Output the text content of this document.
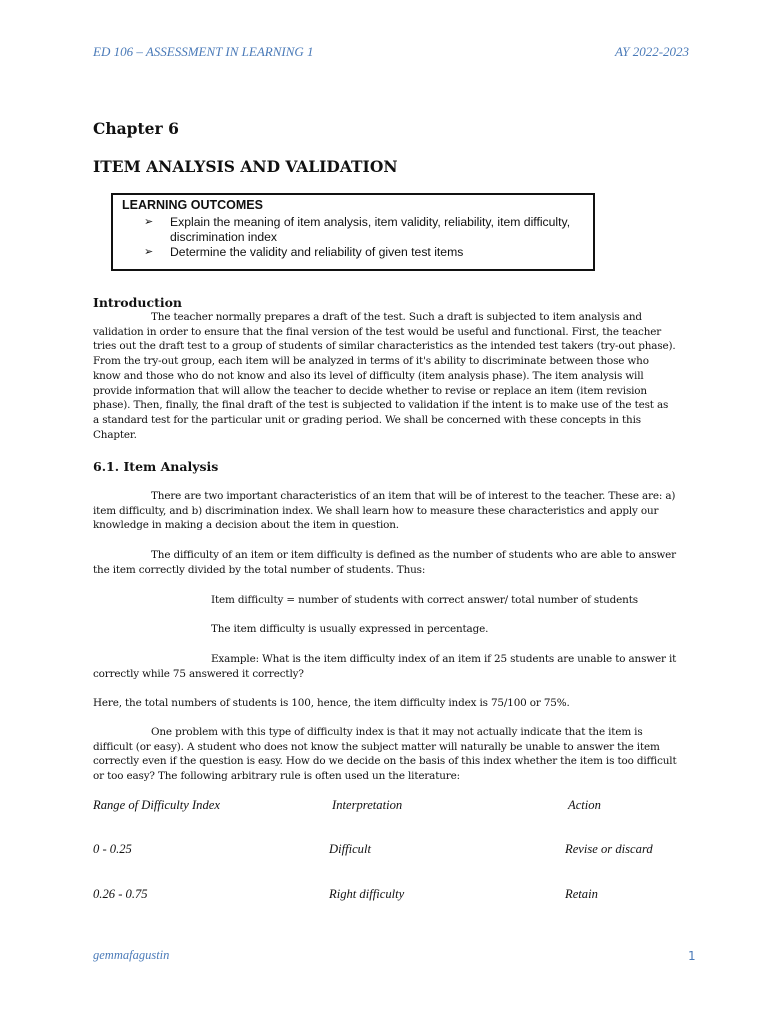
ED 106 – ASSESSMENT IN LEARNING 1	AY 2022-2023
Chapter 6
ITEM ANALYSIS AND VALIDATION
LEARNING OUTCOMES
➢	Explain the meaning of item analysis, item validity, reliability, item difficulty, discrimination index
➢	Determine the validity and reliability of given test items
Introduction
The teacher normally prepares a draft of the test. Such a draft is subjected to item analysis and validation in order to ensure that the final version of the test would be useful and functional. First, the teacher tries out the draft test to a group of students of similar characteristics as the intended test takers (try-out phase). From the try-out group, each item will be analyzed in terms of it's ability to discriminate between those who know and those who do not know and also its level of difficulty (item analysis phase). The item analysis will provide information that will allow the teacher to decide whether to revise or replace an item (item revision phase). Then, finally, the final draft of the test is subjected to validation if the intent is to make use of the test as a standard test for the particular unit or grading period. We shall be concerned with these concepts in this Chapter.
6.1. Item Analysis
There are two important characteristics of an item that will be of interest to the teacher. These are: a) item difficulty, and b) discrimination index. We shall learn how to measure these characteristics and apply our knowledge in making a decision about the item in question.
The difficulty of an item or item difficulty is defined as the number of students who are able to answer the item correctly divided by the total number of students. Thus:
Item difficulty = number of students with correct answer/ total number of students
The item difficulty is usually expressed in percentage.
Example: What is the item difficulty index of an item if 25 students are unable to answer it correctly while 75 answered it correctly?
Here, the total numbers of students is 100, hence, the item difficulty index is 75/100 or 75%.
One problem with this type of difficulty index is that it may not actually indicate that the item is difficult (or easy). A student who does not know the subject matter will naturally be unable to answer the item correctly even if the question is easy. How do we decide on the basis of this index whether the item is too difficult or too easy? The following arbitrary rule is often used un the literature:
Range of Difficulty Index	Interpretation	Action
0 - 0.25	Difficult	Revise or discard
0.26 - 0.75	Right difficulty	Retain
gemmafagustin	1
